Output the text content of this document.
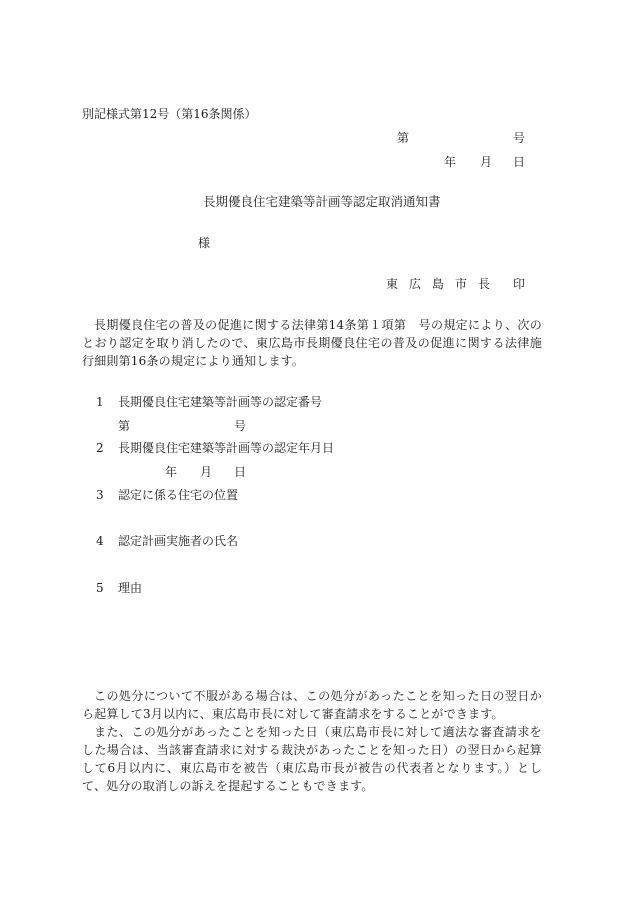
別記様式第12号（第16条関係）
第	号
年 月 日
長期優良住宅建築等計画等認定取消通知書
様
東 広 島 市 長 印
長期優良住宅の普及の促進に関する法律第14条第１項第　号の規定により、次のとおり認定を取り消したので、東広島市長期優良住宅の普及の促進に関する法律施行細則第16条の規定により通知します。
1 長期優良住宅建築等計画等の認定番号
第	号
2 長期優良住宅建築等計画等の認定年月日
年 月 日
3 認定に係る住宅の位置
4 認定計画実施者の氏名
5 理由
この処分について不服がある場合は、この処分があったことを知った日の翌日から起算して3月以内に、東広島市長に対して審査請求をすることができます。
また、この処分があったことを知った日（東広島市長に対して適法な審査請求をした場合は、当該審査請求に対する裁決があったことを知った日）の翌日から起算して6月以内に、東広島市を被告（東広島市長が被告の代表者となります。）として、処分の取消しの訴えを提起することもできます。
